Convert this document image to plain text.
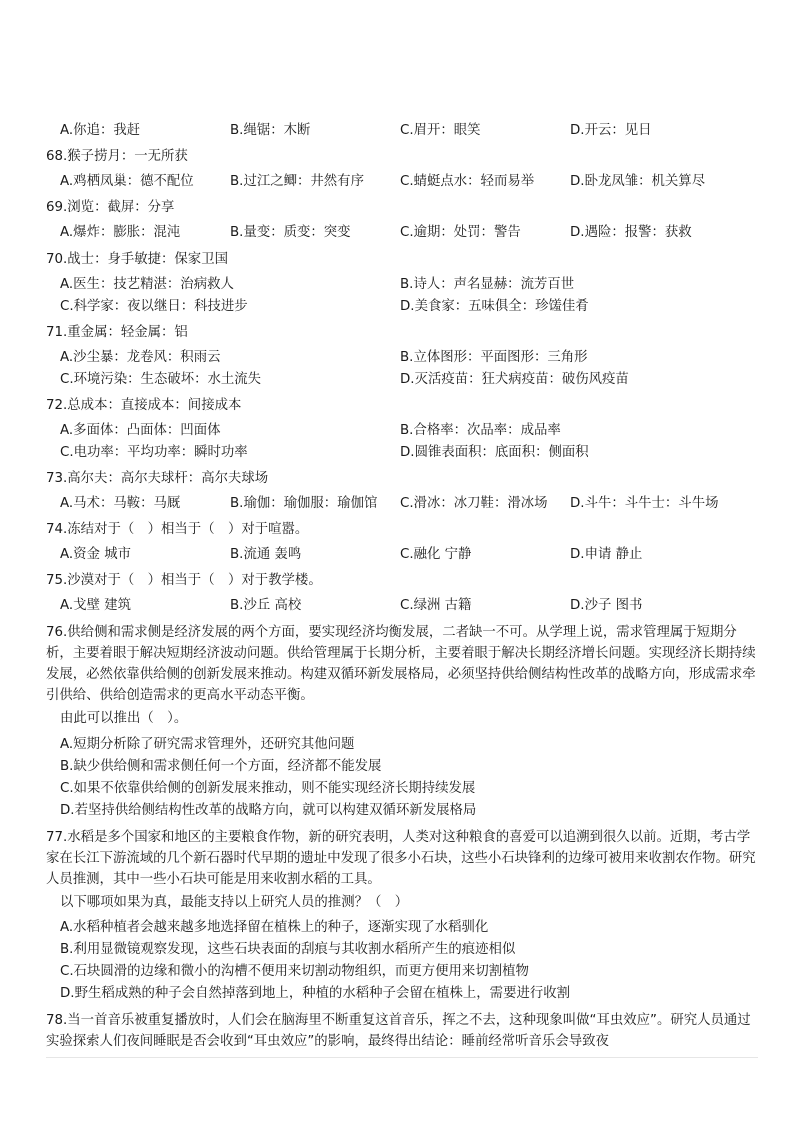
A.你追：我赶	B.绳锯：木断	C.眉开：眼笑	D.开云：见日
68.猴子捞月：一无所获
A.鸡栖凤巢：德不配位	B.过江之鲫：井然有序	C.蜻蜓点水：轻而易举	D.卧龙凤雏：机关算尽
69.浏览：截屏：分享
A.爆炸：膨胀：混沌	B.量变：质变：突变	C.逾期：处罚：警告	D.遇险：报警：获救
70.战士：身手敏捷：保家卫国
A.医生：技艺精湛：治病救人	B.诗人：声名显赫：流芳百世
C.科学家：夜以继日：科技进步	D.美食家：五味俱全：珍馐佳肴
71.重金属：轻金属：铝
A.沙尘暴：龙卷风：积雨云	B.立体图形：平面图形：三角形
C.环境污染：生态破坏：水土流失	D.灭活疫苗：狂犬病疫苗：破伤风疫苗
72.总成本：直接成本：间接成本
A.多面体：凸面体：凹面体	B.合格率：次品率：成品率
C.电功率：平均功率：瞬时功率	D.圆锥表面积：底面积：侧面积
73.高尔夫：高尔夫球杆：高尔夫球场
A.马术：马鞍：马厩	B.瑜伽：瑜伽服：瑜伽馆 C.滑冰：冰刀鞋：滑冰场 D.斗牛：斗牛士：斗牛场
74.冻结对于（　）相当于（　）对于喧嚣。
A.资金 城市	B.流通 轰鸣	C.融化 宁静	D.申请 静止
75.沙漠对于（　）相当于（　）对于教学楼。
A.戈壁 建筑	B.沙丘 高校	C.绿洲 古籍	D.沙子 图书
76.供给侧和需求侧是经济发展的两个方面，要实现经济均衡发展，二者缺一不可。从学理上说，需求管理属于短期分析，主要着眼于解决短期经济波动问题。供给管理属于长期分析，主要着眼于解决长期经济增长问题。实现经济长期持续发展，必然依靠供给侧的创新发展来推动。构建双循环新发展格局，必须坚持供给侧结构性改革的战略方向，形成需求牵引供给、供给创造需求的更高水平动态平衡。
由此可以推出（　）。
A.短期分析除了研究需求管理外，还研究其他问题
B.缺少供给侧和需求侧任何一个方面，经济都不能发展
C.如果不依靠供给侧的创新发展来推动，则不能实现经济长期持续发展
D.若坚持供给侧结构性改革的战略方向，就可以构建双循环新发展格局
77.水稻是多个国家和地区的主要粮食作物，新的研究表明，人类对这种粮食的喜爱可以追溯到很久以前。近期，考古学家在长江下游流域的几个新石器时代早期的遗址中发现了很多小石块，这些小石块锋利的边缘可被用来收割农作物。研究人员推测，其中一些小石块可能是用来收割水稻的工具。
以下哪项如果为真，最能支持以上研究人员的推测？（　）
A.水稻种植者会越来越多地选择留在植株上的种子，逐渐实现了水稻驯化
B.利用显微镜观察发现，这些石块表面的刮痕与其收割水稻所产生的痕迹相似
C.石块圆滑的边缘和微小的沟槽不便用来切割动物组织，而更方便用来切割植物
D.野生稻成熟的种子会自然掉落到地上，种植的水稻种子会留在植株上，需要进行收割
78.当一首音乐被重复播放时，人们会在脑海里不断重复这首音乐，挥之不去，这种现象叫做“耳虫效应”。研究人员通过实验探索人们夜间睡眠是否会收到“耳虫效应”的影响，最终得出结论：睡前经常听音乐会导致夜
